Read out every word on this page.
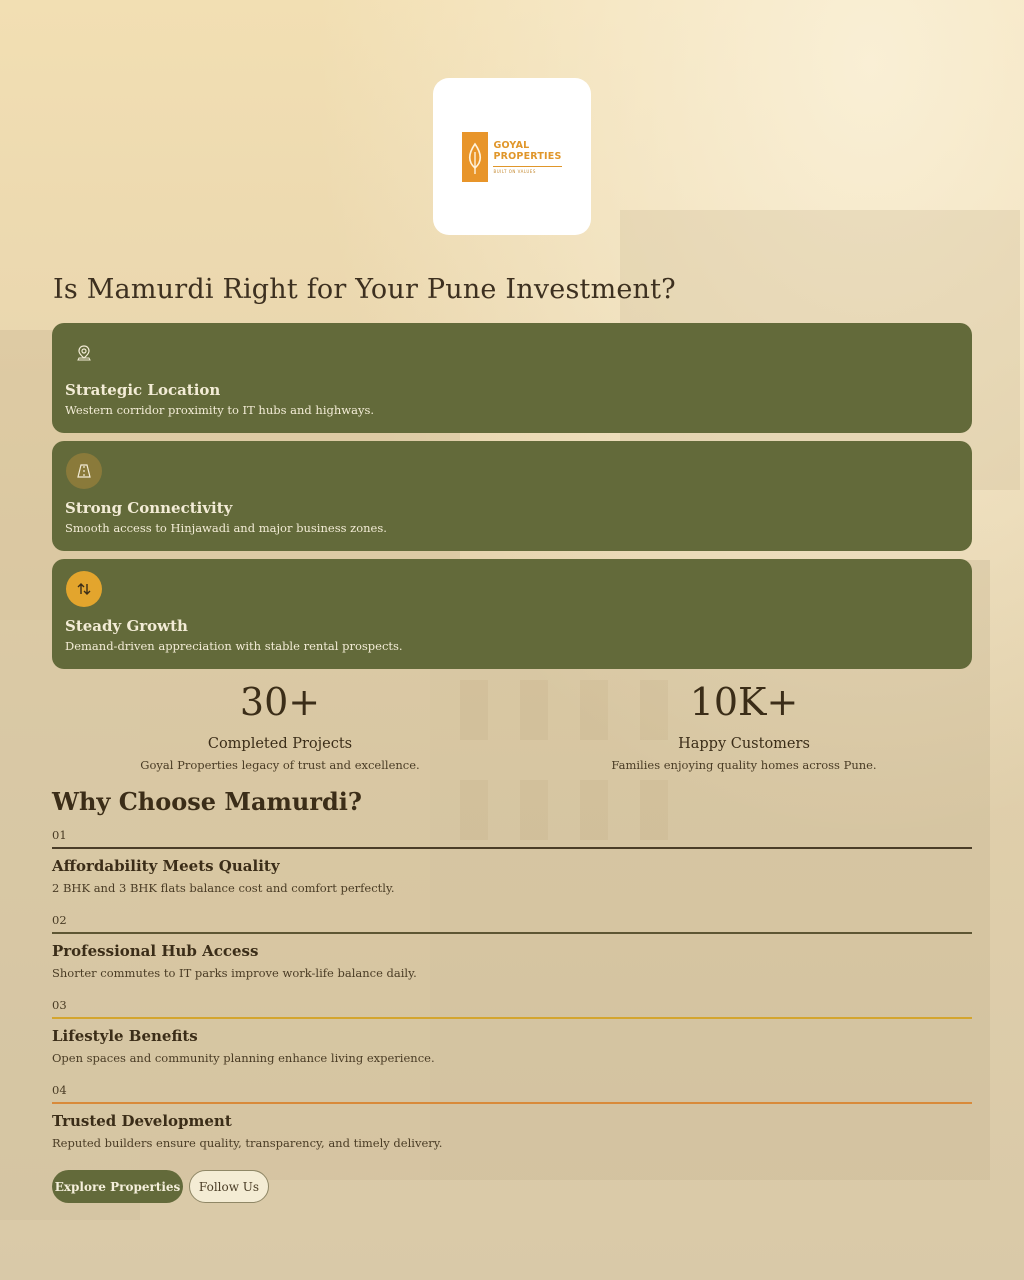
GOYAL
PROPERTIES
BUILT ON VALUES
Is Mamurdi Right for Your Pune Investment?
Strategic Location
Western corridor proximity to IT hubs and highways.
Strong Connectivity
Smooth access to Hinjawadi and major business zones.
Steady Growth
Demand-driven appreciation with stable rental prospects.
30+
Completed Projects
Goyal Properties legacy of trust and excellence.
10K+
Happy Customers
Families enjoying quality homes across Pune.
Why Choose Mamurdi?
01
Affordability Meets Quality
2 BHK and 3 BHK flats balance cost and comfort perfectly.
02
Professional Hub Access
Shorter commutes to IT parks improve work-life balance daily.
03
Lifestyle Benefits
Open spaces and community planning enhance living experience.
04
Trusted Development
Reputed builders ensure quality, transparency, and timely delivery.
Explore Properties	Follow Us
